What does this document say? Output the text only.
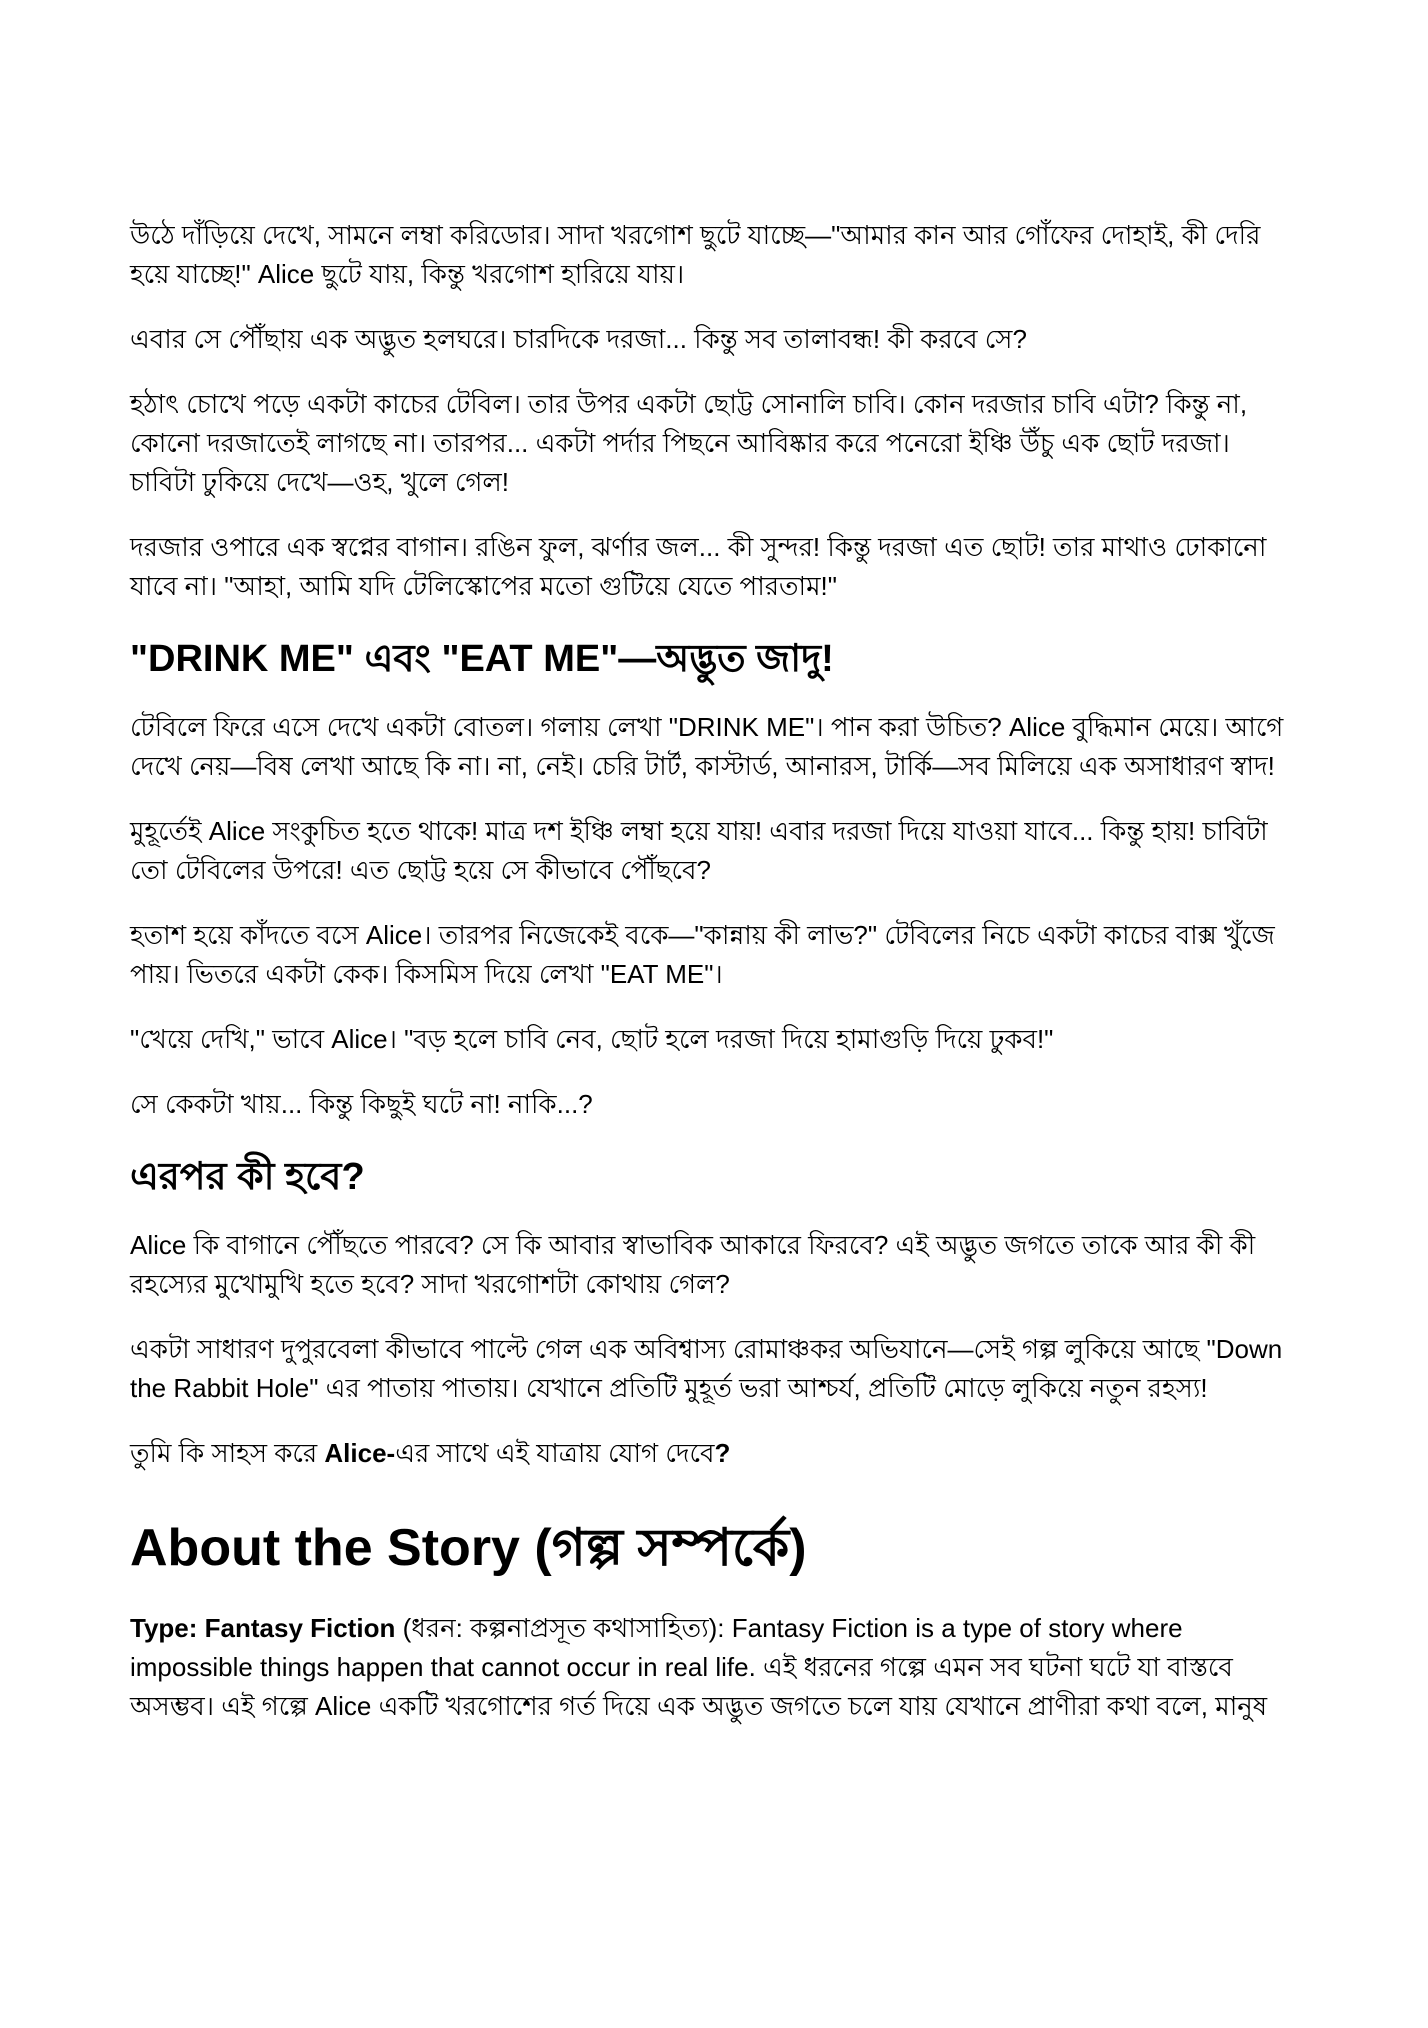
উঠে দাঁড়িয়ে দেখে, সামনে লম্বা করিডোর। সাদা খরগোশ ছুটে যাচ্ছে—"আমার কান আর গোঁফের দোহাই, কী দেরি হয়ে যাচ্ছে!" Alice ছুটে যায়, কিন্তু খরগোশ হারিয়ে যায়।

এবার সে পৌঁছায় এক অদ্ভুত হলঘরে। চারদিকে দরজা... কিন্তু সব তালাবন্ধ! কী করবে সে?

হঠাৎ চোখে পড়ে একটা কাচের টেবিল। তার উপর একটা ছোট্ট সোনালি চাবি। কোন দরজার চাবি এটা? কিন্তু না, কোনো দরজাতেই লাগছে না। তারপর... একটা পর্দার পিছনে আবিষ্কার করে পনেরো ইঞ্চি উঁচু এক ছোট দরজা। চাবিটা ঢুকিয়ে দেখে—ওহ, খুলে গেল!

দরজার ওপারে এক স্বপ্নের বাগান। রঙিন ফুল, ঝর্ণার জল... কী সুন্দর! কিন্তু দরজা এত ছোট! তার মাথাও ঢোকানো যাবে না। "আহা, আমি যদি টেলিস্কোপের মতো গুটিয়ে যেতে পারতাম!"

"DRINK ME" এবং "EAT ME"—অদ্ভুত জাদু!

টেবিলে ফিরে এসে দেখে একটা বোতল। গলায় লেখা "DRINK ME"। পান করা উচিত? Alice বুদ্ধিমান মেয়ে। আগে দেখে নেয়—বিষ লেখা আছে কি না। না, নেই। চেরি টার্ট, কাস্টার্ড, আনারস, টার্কি—সব মিলিয়ে এক অসাধারণ স্বাদ!

মুহূর্তেই Alice সংকুচিত হতে থাকে! মাত্র দশ ইঞ্চি লম্বা হয়ে যায়! এবার দরজা দিয়ে যাওয়া যাবে... কিন্তু হায়! চাবিটা তো টেবিলের উপরে! এত ছোট্ট হয়ে সে কীভাবে পৌঁছবে?

হতাশ হয়ে কাঁদতে বসে Alice। তারপর নিজেকেই বকে—"কান্নায় কী লাভ?" টেবিলের নিচে একটা কাচের বাক্স খুঁজে পায়। ভিতরে একটা কেক। কিসমিস দিয়ে লেখা "EAT ME"।

"খেয়ে দেখি," ভাবে Alice। "বড় হলে চাবি নেব, ছোট হলে দরজা দিয়ে হামাগুড়ি দিয়ে ঢুকব!"

সে কেকটা খায়... কিন্তু কিছুই ঘটে না! নাকি...?

এরপর কী হবে?

Alice কি বাগানে পৌঁছতে পারবে? সে কি আবার স্বাভাবিক আকারে ফিরবে? এই অদ্ভুত জগতে তাকে আর কী কী রহস্যের মুখোমুখি হতে হবে? সাদা খরগোশটা কোথায় গেল?

একটা সাধারণ দুপুরবেলা কীভাবে পাল্টে গেল এক অবিশ্বাস্য রোমাঞ্চকর অভিযানে—সেই গল্প লুকিয়ে আছে "Down the Rabbit Hole" এর পাতায় পাতায়। যেখানে প্রতিটি মুহূর্ত ভরা আশ্চর্য, প্রতিটি মোড়ে লুকিয়ে নতুন রহস্য!

তুমি কি সাহস করে Alice-এর সাথে এই যাত্রায় যোগ দেবে?

About the Story (গল্প সম্পর্কে)

Type: Fantasy Fiction (ধরন: কল্পনাপ্রসূত কথাসাহিত্য): Fantasy Fiction is a type of story where impossible things happen that cannot occur in real life. এই ধরনের গল্পে এমন সব ঘটনা ঘটে যা বাস্তবে অসম্ভব। এই গল্পে Alice একটি খরগোশের গর্ত দিয়ে এক অদ্ভুত জগতে চলে যায় যেখানে প্রাণীরা কথা বলে, মানুষ
